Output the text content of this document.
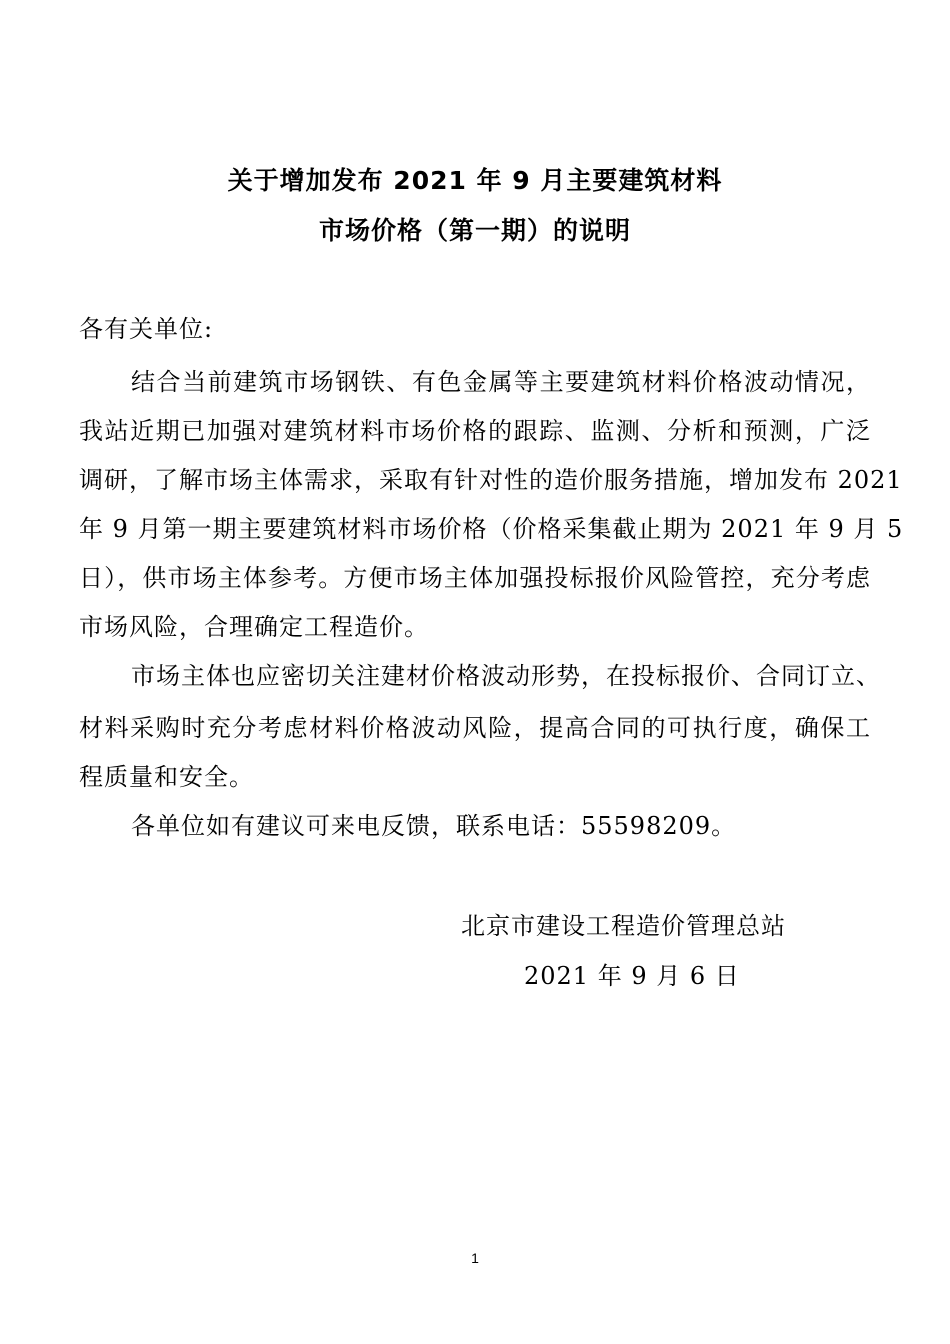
关于增加发布 2021 年 9 月主要建筑材料
市场价格（第一期）的说明
各有关单位:
结合当前建筑市场钢铁、有色金属等主要建筑材料价格波动情况，
我站近期已加强对建筑材料市场价格的跟踪、监测、分析和预测，广泛
调研，了解市场主体需求，采取有针对性的造价服务措施，增加发布 2021
年 9 月第一期主要建筑材料市场价格（价格采集截止期为 2021 年 9 月 5
日），供市场主体参考。方便市场主体加强投标报价风险管控，充分考虑
市场风险，合理确定工程造价。
市场主体也应密切关注建材价格波动形势，在投标报价、合同订立、
材料采购时充分考虑材料价格波动风险，提高合同的可执行度，确保工
程质量和安全。
各单位如有建议可来电反馈，联系电话：55598209。
北京市建设工程造价管理总站
2021 年 9 月 6 日
1
